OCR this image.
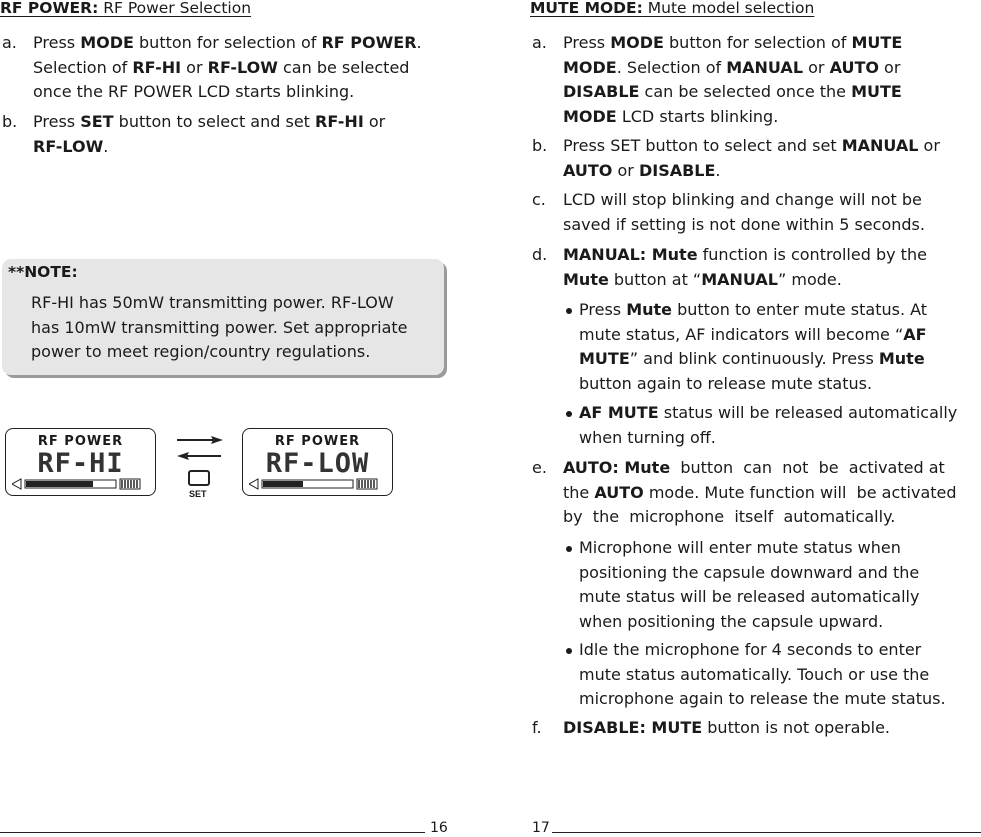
RF POWER: RF Power Selection
a. Press MODE button for selection of RF POWER.
Selection of RF-HI or RF-LOW can be selected
once the RF POWER LCD starts blinking.
b. Press SET button to select and set RF-HI or
RF-LOW.
**NOTE:
RF-HI has 50mW transmitting power. RF-LOW
has 10mW transmitting power. Set appropriate
power to meet region/country regulations.
RF POWER
RF-HI
SET
RF POWER
RF-LOW
16
MUTE MODE: Mute model selection
a. Press MODE button for selection of MUTE
MODE. Selection of MANUAL or AUTO or
DISABLE can be selected once the MUTE
MODE LCD starts blinking.
b. Press SET button to select and set MANUAL or
AUTO or DISABLE.
c. LCD will stop blinking and change will not be
saved if setting is not done within 5 seconds.
d. MANUAL: Mute function is controlled by the
Mute button at “MANUAL” mode.
Press Mute button to enter mute status. At
mute status, AF indicators will become “AF
MUTE” and blink continuously. Press Mute
button again to release mute status.
AF MUTE status will be released automatically
when turning off.
e. AUTO: Mute  button  can  not  be  activated at
the AUTO mode. Mute function will  be activated
by  the  microphone  itself  automatically.
Microphone will enter mute status when
positioning the capsule downward and the
mute status will be released automatically
when positioning the capsule upward.
Idle the microphone for 4 seconds to enter
mute status automatically. Touch or use the
microphone again to release the mute status.
f. DISABLE: MUTE button is not operable.
17
